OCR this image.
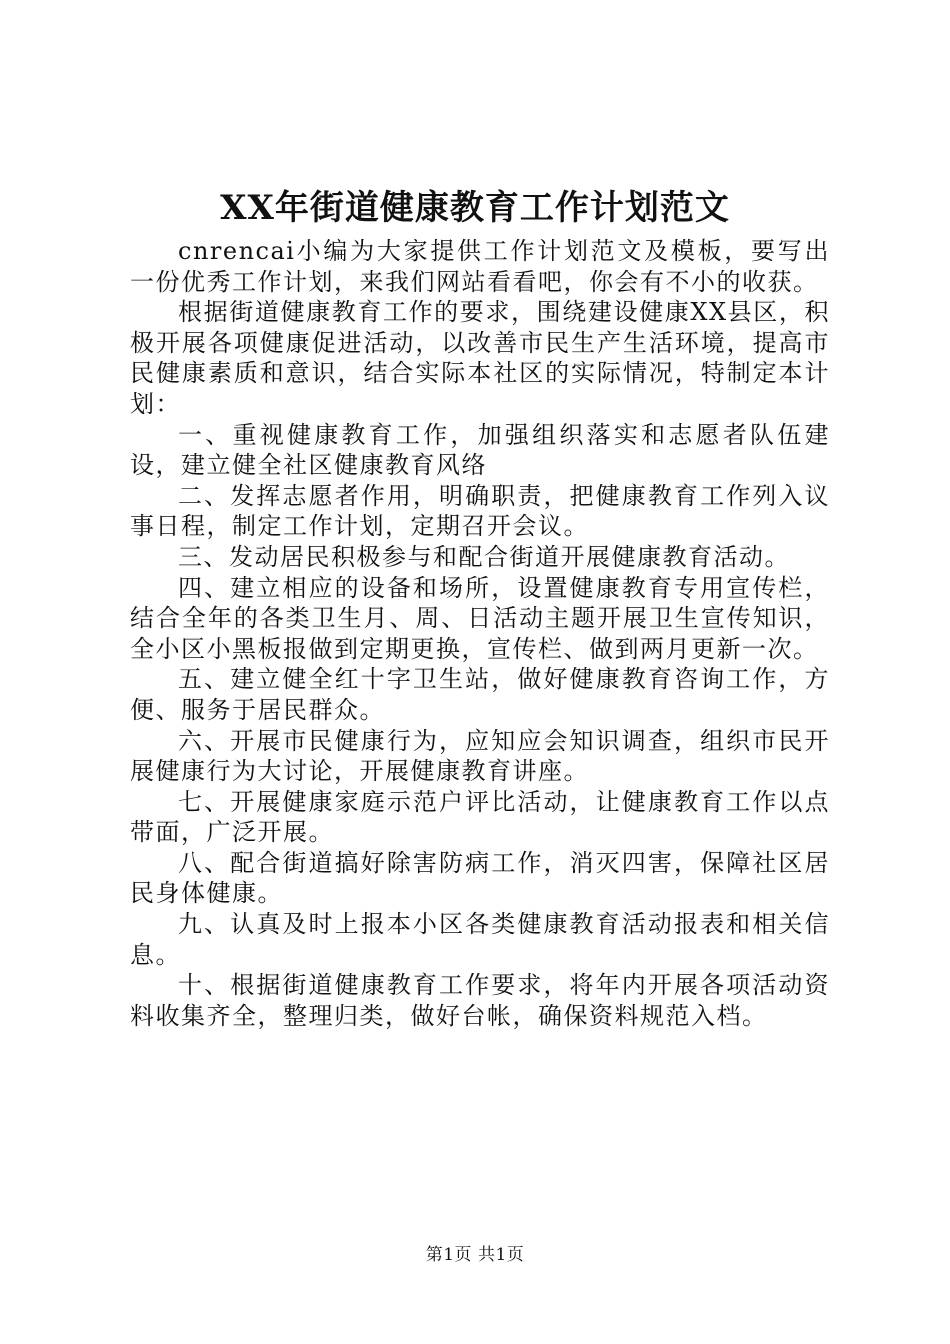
XX年街道健康教育工作计划范文

cnrencai小编为大家提供工作计划范文及模板，要写出一份优秀工作计划，来我们网站看看吧，你会有不小的收获。

根据街道健康教育工作的要求，围绕建设健康XX县区，积极开展各项健康促进活动，以改善市民生产生活环境，提高市民健康素质和意识，结合实际本社区的实际情况，特制定本计划：

一、重视健康教育工作，加强组织落实和志愿者队伍建设，建立健全社区健康教育风络

二、发挥志愿者作用，明确职责，把健康教育工作列入议事日程，制定工作计划，定期召开会议。

三、发动居民积极参与和配合街道开展健康教育活动。

四、建立相应的设备和场所，设置健康教育专用宣传栏，结合全年的各类卫生月、周、日活动主题开展卫生宣传知识，全小区小黑板报做到定期更换，宣传栏、做到两月更新一次。

五、建立健全红十字卫生站，做好健康教育咨询工作，方便、服务于居民群众。

六、开展市民健康行为，应知应会知识调查，组织市民开展健康行为大讨论，开展健康教育讲座。

七、开展健康家庭示范户评比活动，让健康教育工作以点带面，广泛开展。

八、配合街道搞好除害防病工作，消灭四害，保障社区居民身体健康。

九、认真及时上报本小区各类健康教育活动报表和相关信息。

十、根据街道健康教育工作要求，将年内开展各项活动资料收集齐全，整理归类，做好台帐，确保资料规范入档。

第1页 共1页
